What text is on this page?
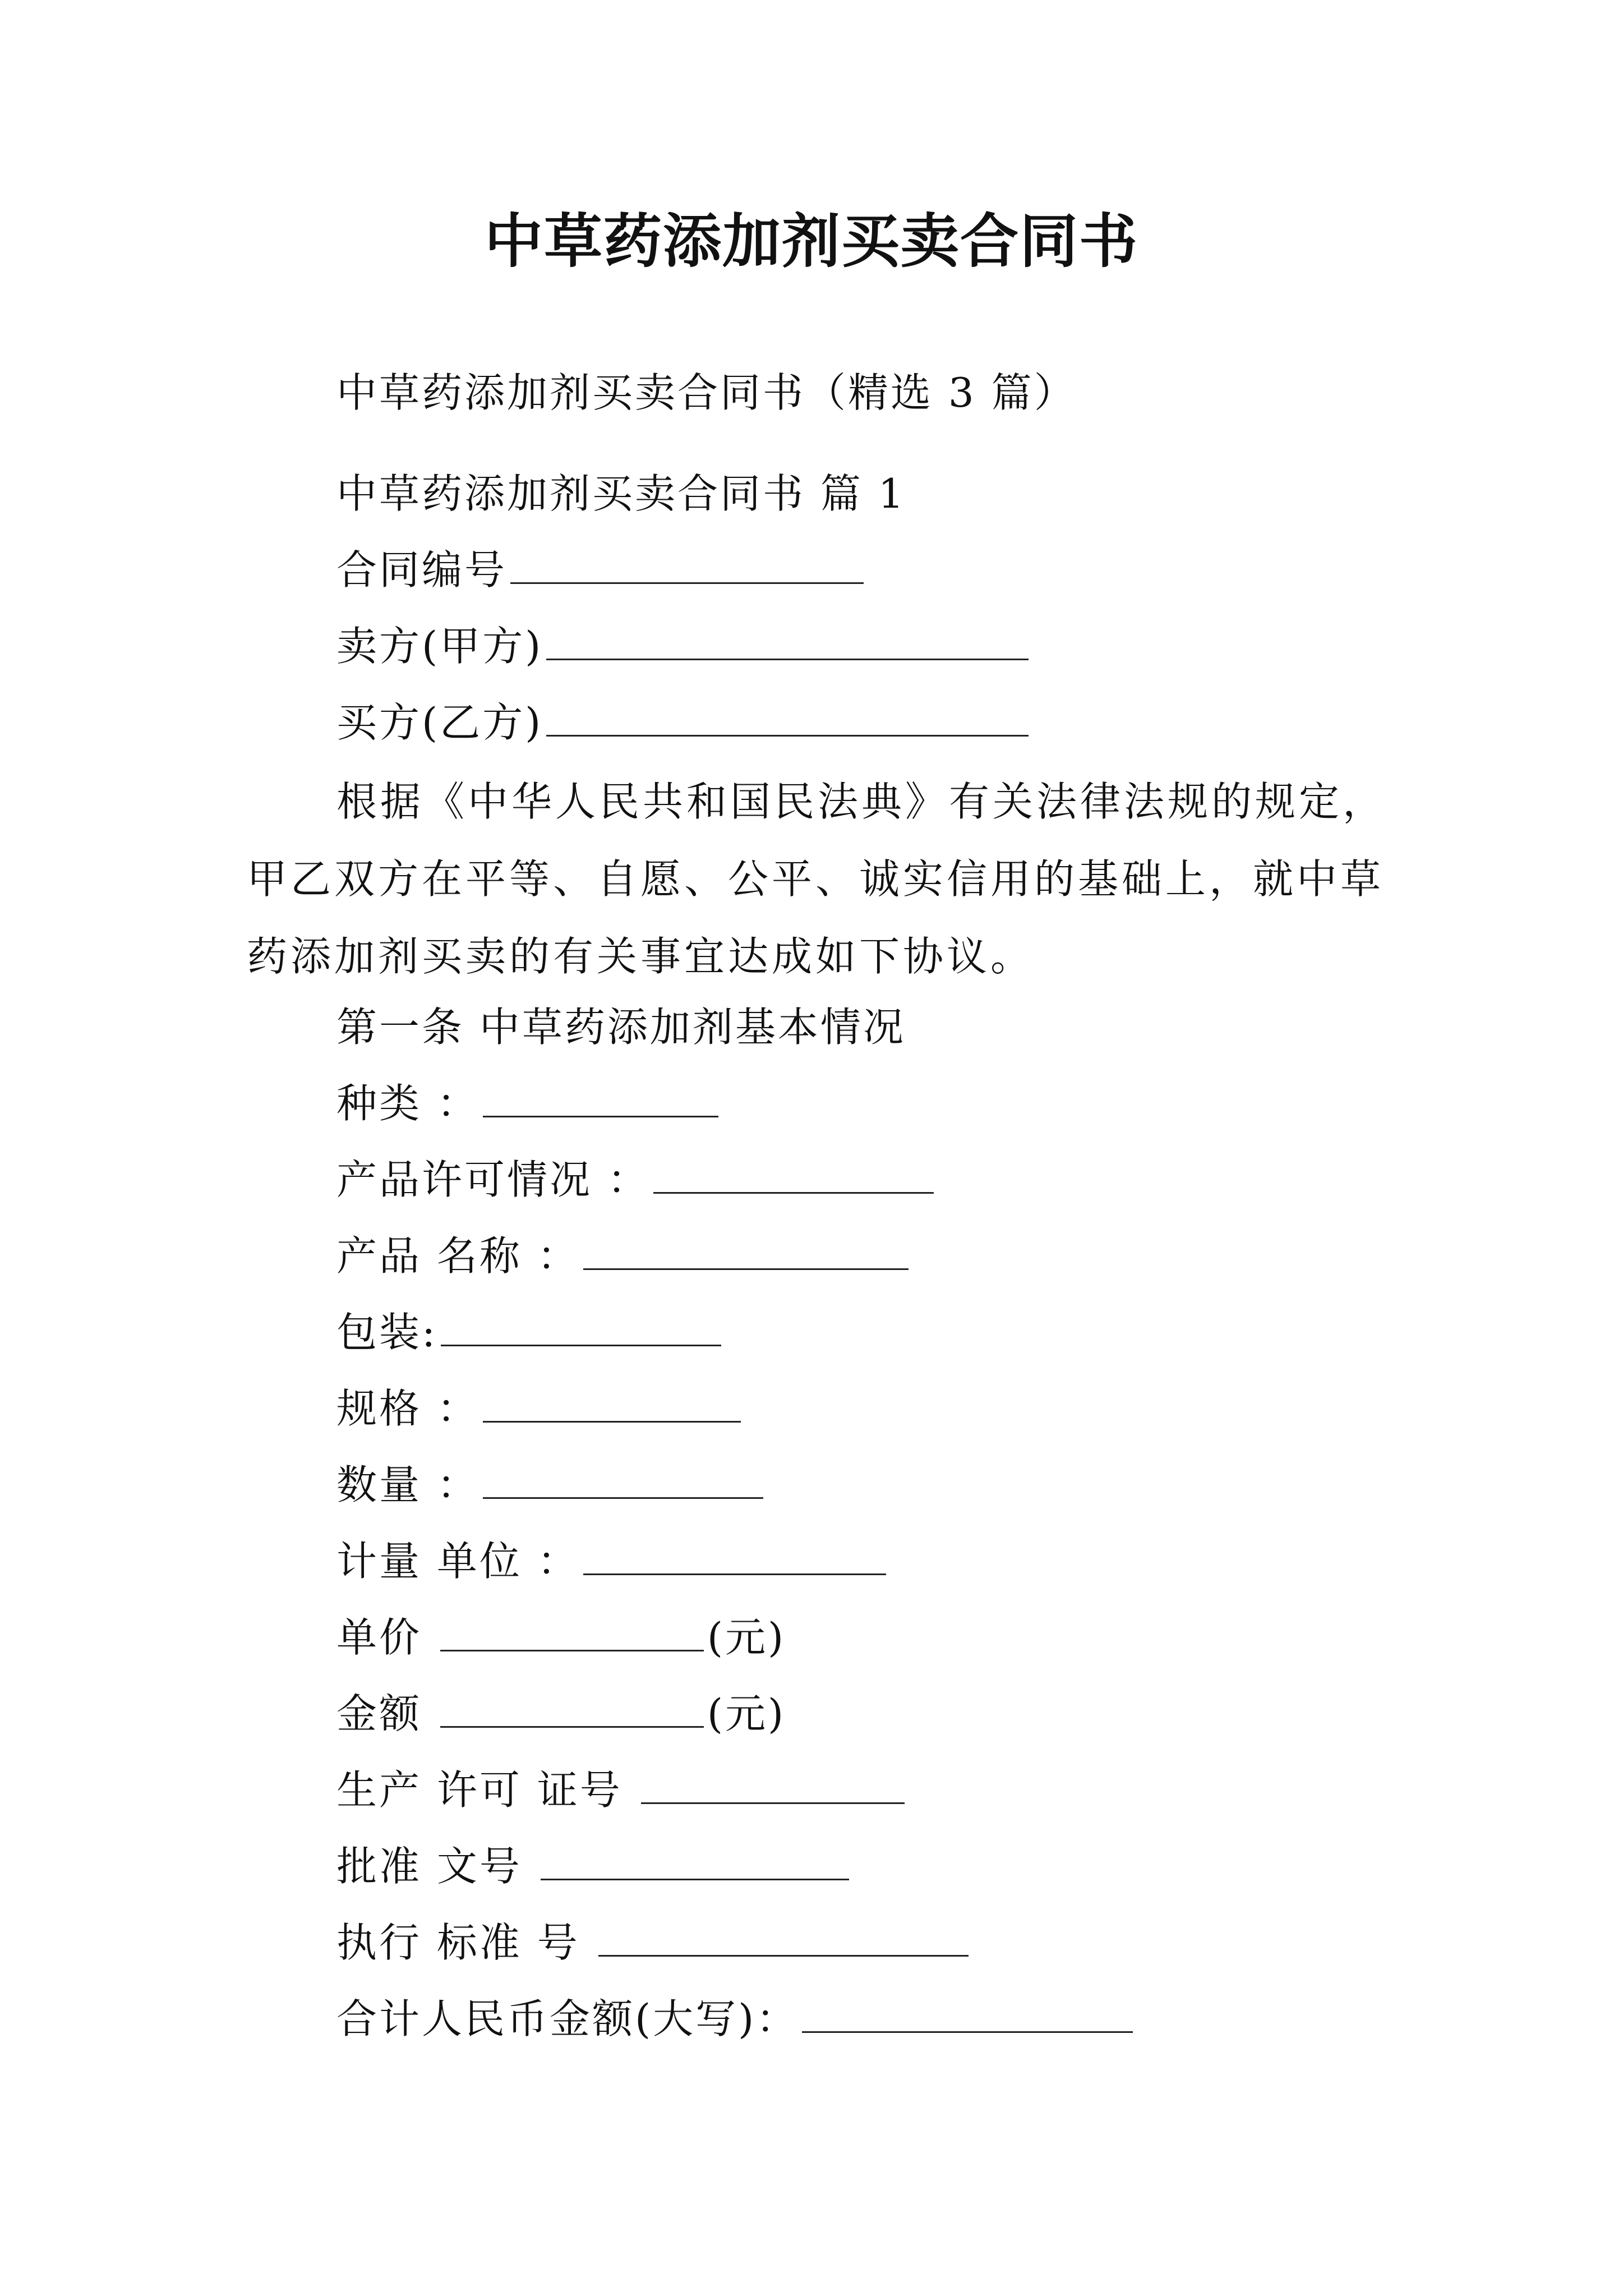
中草药添加剂买卖合同书
中草药添加剂买卖合同书（精选 3 篇）
中草药添加剂买卖合同书 篇 1
合同编号
卖方(甲方)
买方(乙方)
根据《中华人民共和国民法典》有关法律法规的规定，甲乙双方在平等、自愿、公平、诚实信用的基础上，就中草药添加剂买卖的有关事宜达成如下协议。
第一条 中草药添加剂基本情况
种类 ：
产品许可情况 ：
产品 名称 ：
包装:
规格 ：
数量 ：
计量 单位 ：
单价	(元)
金额	(元)
生产 许可 证号
批准 文号
执行 标准 号
合计人民币金额(大写)：
